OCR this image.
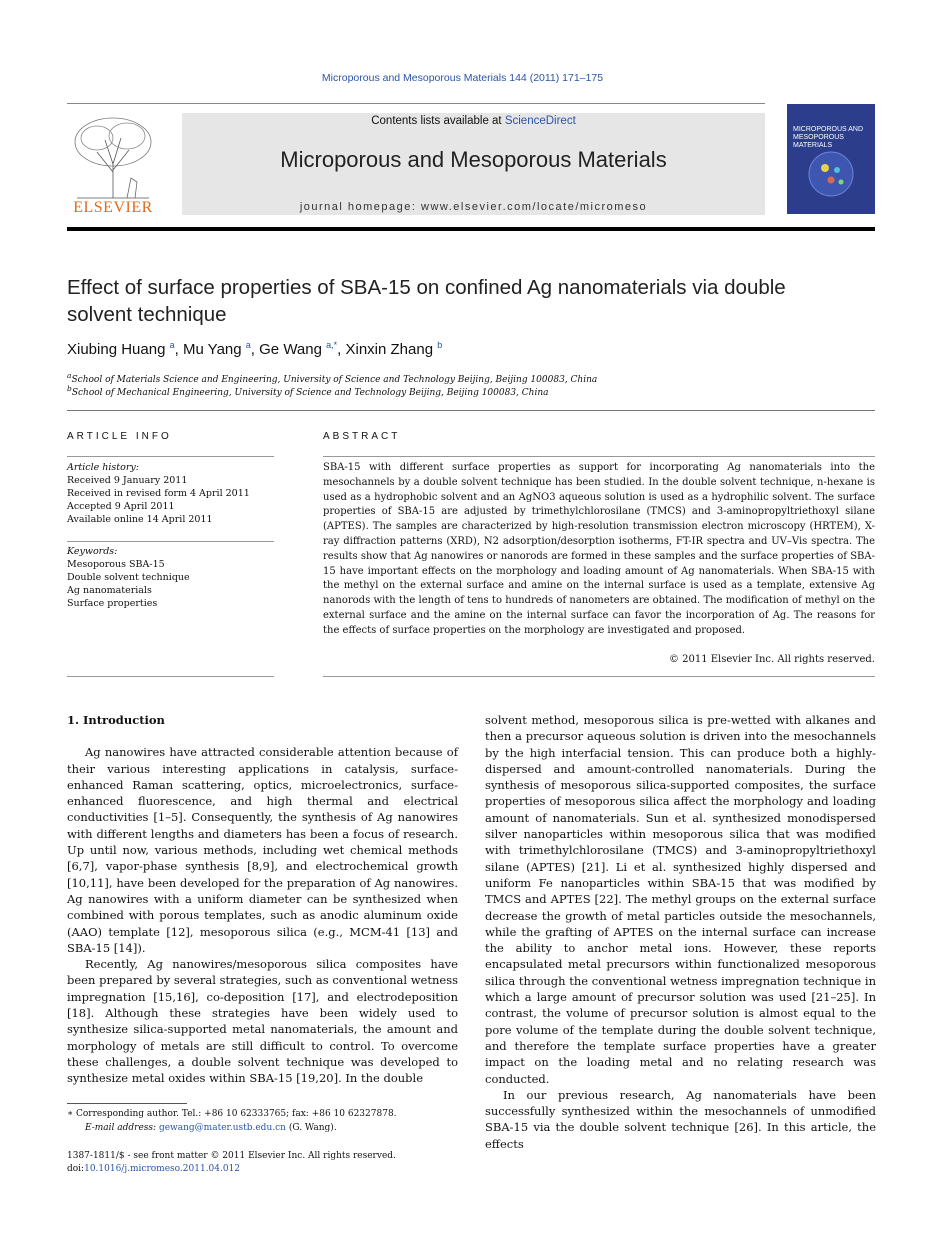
Microporous and Mesoporous Materials 144 (2011) 171–175
ELSEVIER
Contents lists available at ScienceDirect
Microporous and Mesoporous Materials
journal homepage: www.elsevier.com/locate/micromeso
MICROPOROUS AND MESOPOROUS MATERIALS
Effect of surface properties of SBA-15 on confined Ag nanomaterials via double
solvent technique
Xiubing Huang $^a$, Mu Yang $^a$, Ge Wang $^{a,*}$, Xinxin Zhang $^b$
$^a$School of Materials Science and Engineering, University of Science and Technology Beijing, Beijing 100083, China
$^b$School of Mechanical Engineering, University of Science and Technology Beijing, Beijing 100083, China
ARTICLE INFO
Article history:
Received 9 January 2011
Received in revised form 4 April 2011
Accepted 9 April 2011
Available online 14 April 2011
Keywords:
Mesoporous SBA-15
Double solvent technique
Ag nanomaterials
Surface properties
ABSTRACT
SBA-15 with different surface properties as support for incorporating Ag nanomaterials into the mesochannels by a double solvent technique has been studied. In the double solvent technique, n-hexane is used as a hydrophobic solvent and an AgNO3 aqueous solution is used as a hydrophilic solvent. The surface properties of SBA-15 are adjusted by trimethylchlorosilane (TMCS) and 3-aminopropyltriethoxyl silane (APTES). The samples are characterized by high-resolution transmission electron microscopy (HRTEM), X-ray diffraction patterns (XRD), N2 adsorption/desorption isotherms, FT-IR spectra and UV–Vis spectra. The results show that Ag nanowires or nanorods are formed in these samples and the surface properties of SBA-15 have important effects on the morphology and loading amount of Ag nanomaterials. When SBA-15 with the methyl on the external surface and amine on the internal surface is used as a template, extensive Ag nanorods with the length of tens to hundreds of nanometers are obtained. The modification of methyl on the external surface and the amine on the internal surface can favor the incorporation of Ag. The reasons for the effects of surface properties on the morphology are investigated and proposed.
© 2011 Elsevier Inc. All rights reserved.

1. Introduction

Ag nanowires have attracted considerable attention because of their various interesting applications in catalysis, surface-enhanced Raman scattering, optics, microelectronics, surface-enhanced fluorescence, and high thermal and electrical conductivities [1–5]. Consequently, the synthesis of Ag nanowires with different lengths and diameters has been a focus of research. Up until now, various methods, including wet chemical methods [6,7], vapor-phase synthesis [8,9], and electrochemical growth [10,11], have been developed for the preparation of Ag nanowires. Ag nanowires with a uniform diameter can be synthesized when combined with porous templates, such as anodic aluminum oxide (AAO) template [12], mesoporous silica (e.g., MCM-41 [13] and SBA-15 [14]).

Recently, Ag nanowires/mesoporous silica composites have been prepared by several strategies, such as conventional wetness impregnation [15,16], co-deposition [17], and electrodeposition [18]. Although these strategies have been widely used to synthesize silica-supported metal nanomaterials, the amount and morphology of metals are still difficult to control. To overcome these challenges, a double solvent technique was developed to synthesize metal oxides within SBA-15 [19,20]. In the double

solvent method, mesoporous silica is pre-wetted with alkanes and then a precursor aqueous solution is driven into the mesochannels by the high interfacial tension. This can produce both a highly-dispersed and amount-controlled nanomaterials. During the synthesis of mesoporous silica-supported composites, the surface properties of mesoporous silica affect the morphology and loading amount of nanomaterials. Sun et al. synthesized monodispersed silver nanoparticles within mesoporous silica that was modified with trimethylchlorosilane (TMCS) and 3-aminopropyltriethoxyl silane (APTES) [21]. Li et al. synthesized highly dispersed and uniform Fe nanoparticles within SBA-15 that was modified by TMCS and APTES [22]. The methyl groups on the external surface decrease the growth of metal particles outside the mesochannels, while the grafting of APTES on the internal surface can increase the ability to anchor metal ions. However, these reports encapsulated metal precursors within functionalized mesoporous silica through the conventional wetness impregnation technique in which a large amount of precursor solution was used [21–25]. In contrast, the volume of precursor solution is almost equal to the pore volume of the template during the double solvent technique, and therefore the template surface properties have a greater impact on the loading metal and no relating research was conducted.

In our previous research, Ag nanomaterials have been successfully synthesized within the mesochannels of unmodified SBA-15 via the double solvent technique [26]. In this article, the effects

∗ Corresponding author. Tel.: +86 10 62333765; fax: +86 10 62327878.
E-mail address: gewang@mater.ustb.edu.cn (G. Wang).
1387-1811/$ - see front matter © 2011 Elsevier Inc. All rights reserved.
doi:10.1016/j.micromeso.2011.04.012
